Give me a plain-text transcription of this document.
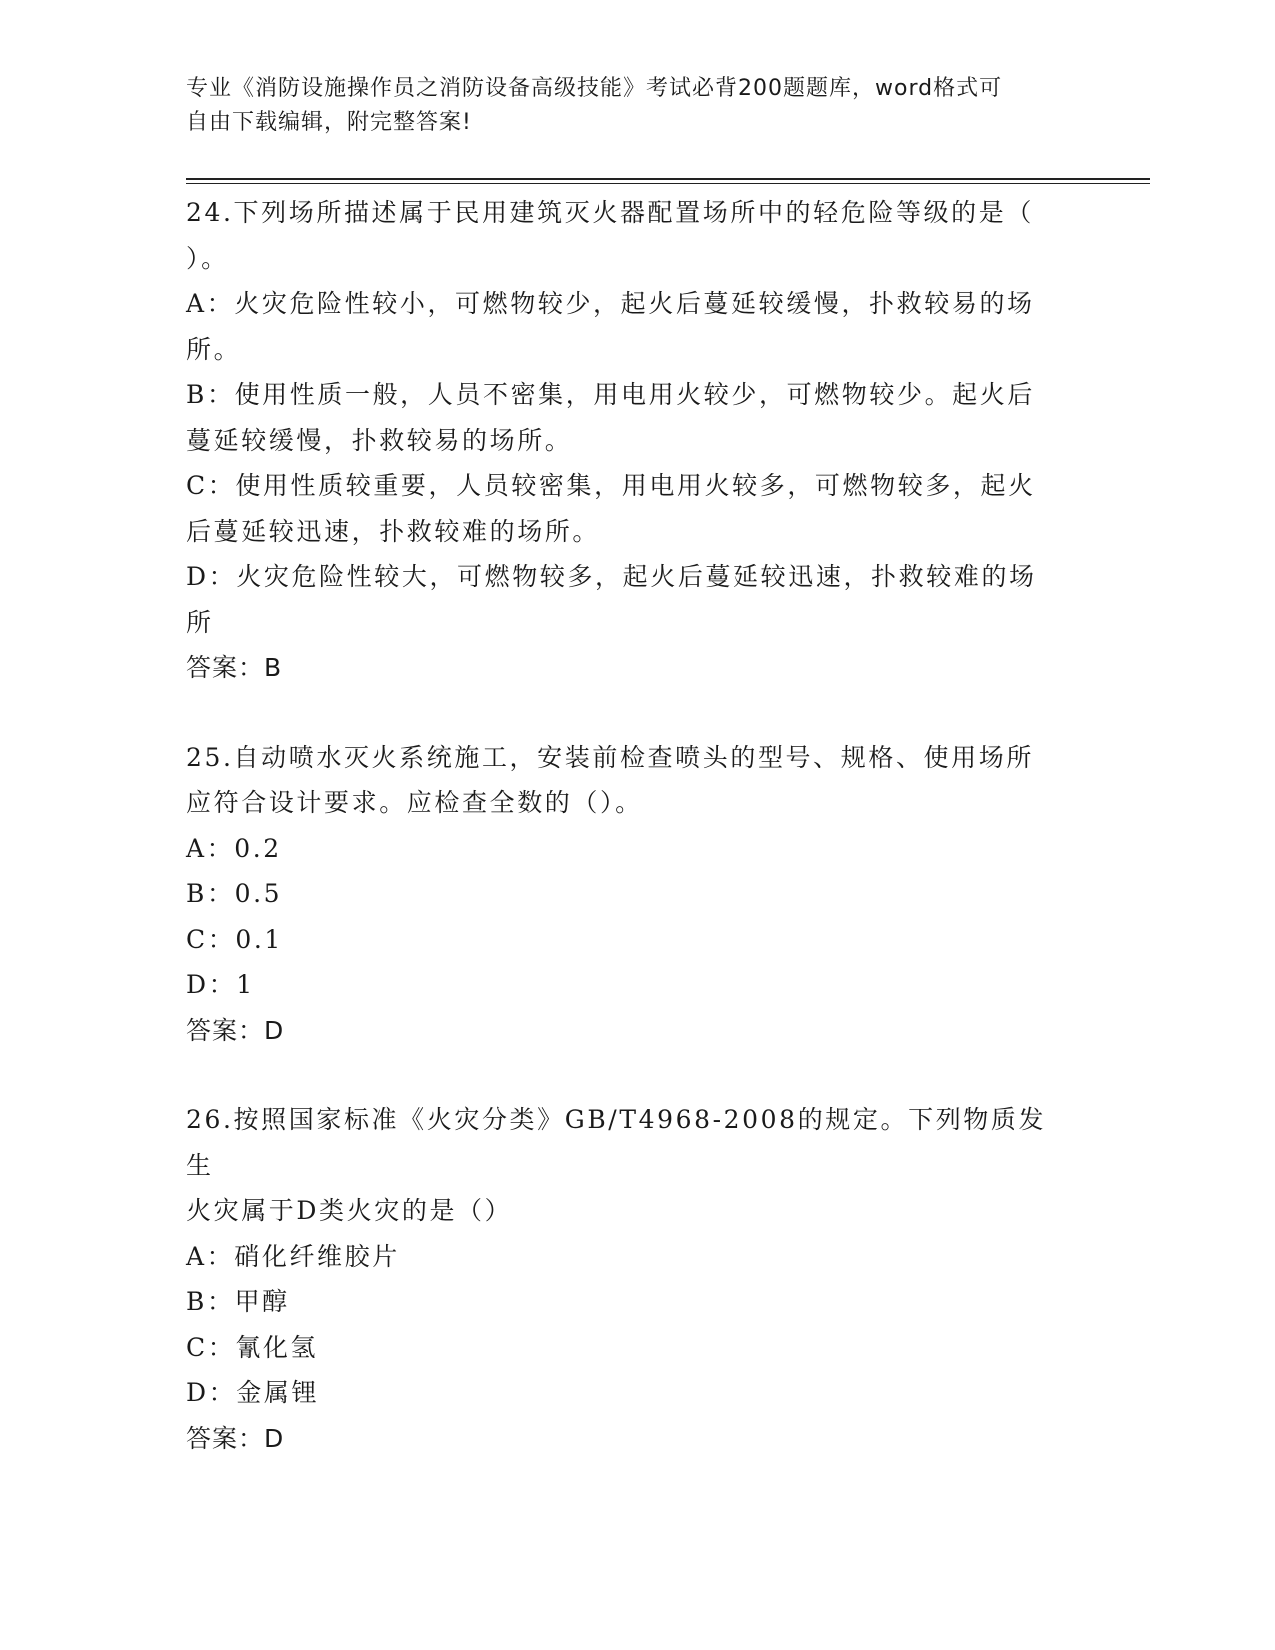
专业《消防设施操作员之消防设备高级技能》考试必背200题题库，word格式可
自由下载编辑，附完整答案!
24.下列场所描述属于民用建筑灭火器配置场所中的轻危险等级的是（
）。
A：火灾危险性较小，可燃物较少，起火后蔓延较缓慢，扑救较易的场
所。
B：使用性质一般，人员不密集，用电用火较少，可燃物较少。起火后
蔓延较缓慢，扑救较易的场所。
C：使用性质较重要，人员较密集，用电用火较多，可燃物较多，起火
后蔓延较迅速，扑救较难的场所。
D：火灾危险性较大，可燃物较多，起火后蔓延较迅速，扑救较难的场
所
答案：B
25.自动喷水灭火系统施工，安装前检查喷头的型号、规格、使用场所
应符合设计要求。应检查全数的（）。
A：0.2
B：0.5
C：0.1
D：1
答案：D
26.按照国家标准《火灾分类》GB/T4968-2008的规定。下列物质发生
火灾属于D类火灾的是（）
A：硝化纤维胶片
B：甲醇
C：氰化氢
D：金属锂
答案：D
